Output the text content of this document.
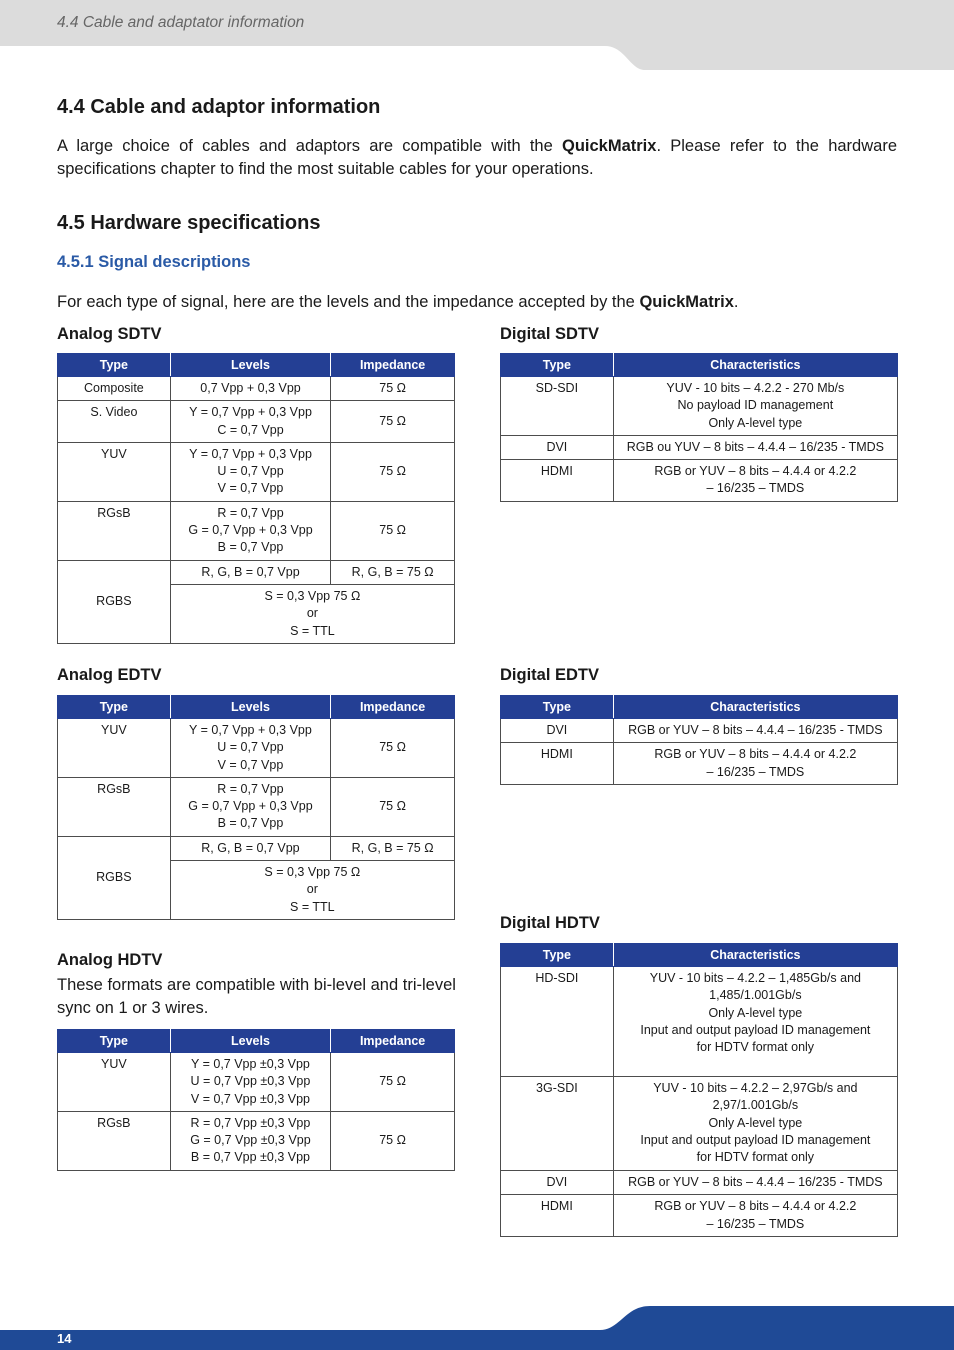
4.4 Cable and adaptator information
4.4 Cable and adaptor information

A large choice of cables and adaptors are compatible with the QuickMatrix. Please refer to the hardware specifications chapter to find the most suitable cables for your operations.

4.5 Hardware specifications
4.5.1 Signal descriptions

For each type of signal, here are the levels and the impedance accepted by the QuickMatrix.

Analog SDTV
Type	Levels	Impedance
Composite	0,7 Vpp + 0,3 Vpp	75 Ω
S. Video	Y = 0,7 Vpp + 0,3 Vpp
C = 0,7 Vpp	75 Ω
YUV	Y = 0,7 Vpp + 0,3 Vpp
U = 0,7 Vpp
V = 0,7 Vpp	75 Ω
RGsB	R = 0,7 Vpp
G = 0,7 Vpp + 0,3 Vpp
B = 0,7 Vpp	75 Ω
RGBS	R, G, B = 0,7 Vpp	R, G, B = 75 Ω
	S = 0,3 Vpp 75 Ω
or
S = TTL	
Digital SDTV
Type	Characteristics
SD-SDI	YUV - 10 bits – 4.2.2 - 270 Mb/s
No payload ID management
Only A-level type
DVI	RGB ou YUV – 8 bits – 4.4.4 – 16/235 - TMDS
HDMI	RGB or YUV – 8 bits – 4.4.4 or 4.2.2
– 16/235 – TMDS
Analog EDTV
Type	Levels	Impedance
YUV	Y = 0,7 Vpp + 0,3 Vpp
U = 0,7 Vpp
V = 0,7 Vpp	75 Ω
RGsB	R = 0,7 Vpp
G = 0,7 Vpp + 0,3 Vpp
B = 0,7 Vpp	75 Ω
RGBS	R, G, B = 0,7 Vpp	R, G, B = 75 Ω
	S = 0,3 Vpp 75 Ω
or
S = TTL	
Digital EDTV
Type	Characteristics
DVI	RGB or YUV – 8 bits – 4.4.4 – 16/235 - TMDS
HDMI	RGB or YUV – 8 bits – 4.4.4 or 4.2.2
– 16/235 – TMDS
Analog HDTV

These formats are compatible with bi-level and tri-level sync on 1 or 3 wires.

Type	Levels	Impedance
YUV	Y = 0,7 Vpp ±0,3 Vpp
U = 0,7 Vpp ±0,3 Vpp
V = 0,7 Vpp ±0,3 Vpp	75 Ω
RGsB	R = 0,7 Vpp ±0,3 Vpp
G = 0,7 Vpp ±0,3 Vpp
B = 0,7 Vpp ±0,3 Vpp	75 Ω
Digital HDTV
Type	Characteristics
HD-SDI	YUV - 10 bits – 4.2.2 – 1,485Gb/s and
1,485/1.001Gb/s
Only A-level type
Input and output payload ID management
for HDTV format only
3G-SDI	YUV - 10 bits – 4.2.2 – 2,97Gb/s and
2,97/1.001Gb/s
Only A-level type
Input and output payload ID management
for HDTV format only
DVI	RGB or YUV – 8 bits – 4.4.4 – 16/235 - TMDS
HDMI	RGB or YUV – 8 bits – 4.4.4 or 4.2.2
– 16/235 – TMDS
14
